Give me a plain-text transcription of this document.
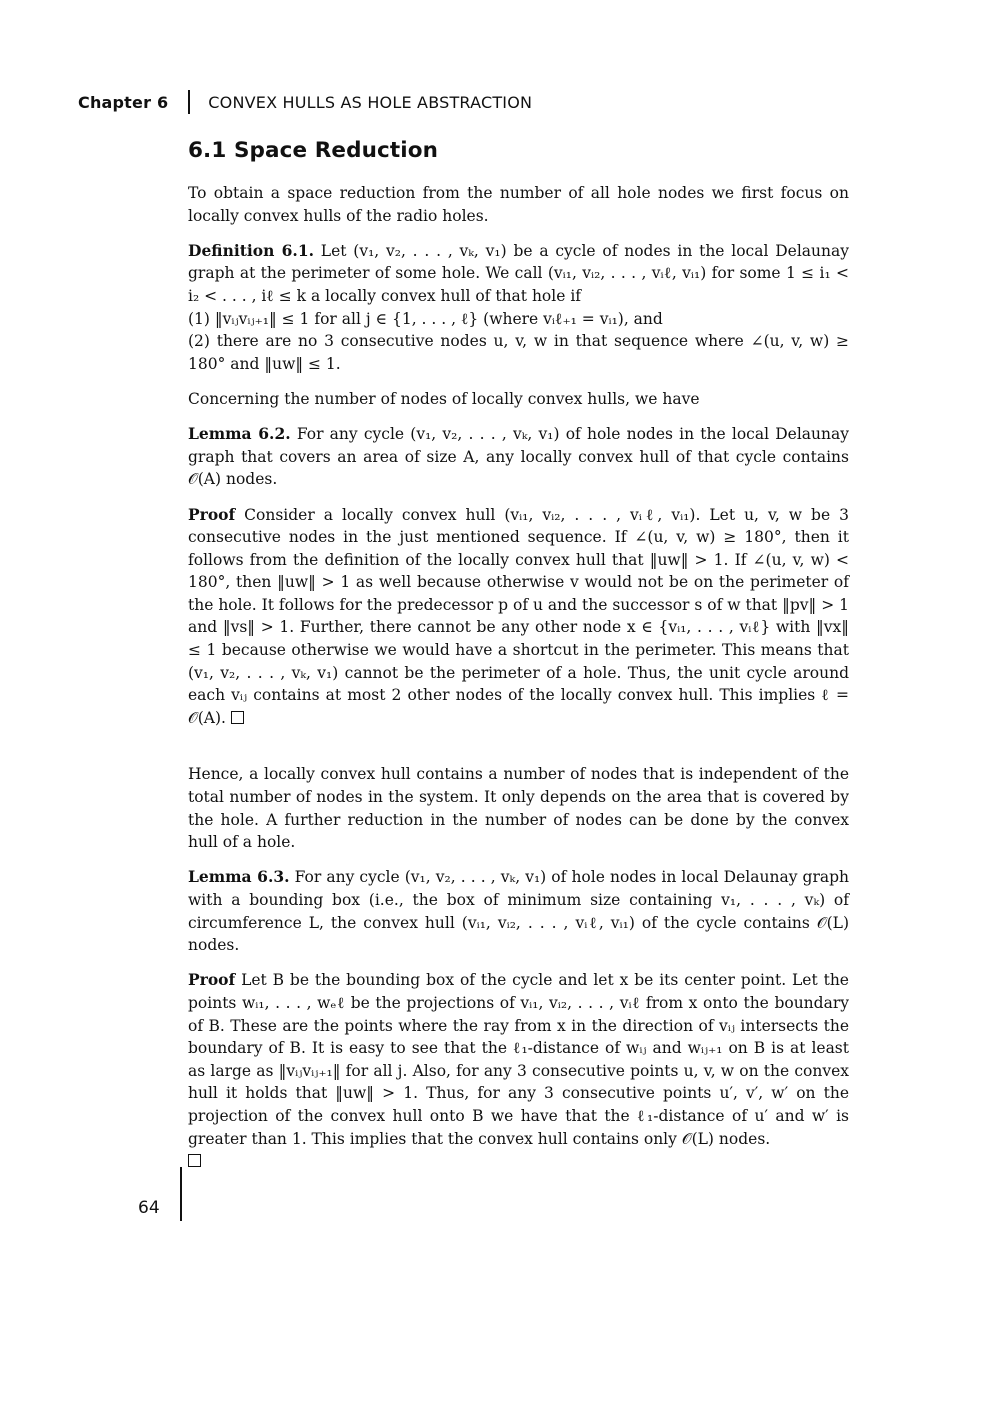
Chapter 6	CONVEX HULLS AS HOLE ABSTRACTION
6.1 Space Reduction

To obtain a space reduction from the number of all hole nodes we first focus on locally convex hulls of the radio holes.

Definition 6.1. Let (v₁, v₂, . . . , vₖ, v₁) be a cycle of nodes in the local Delaunay graph at the perimeter of some hole. We call (vᵢ₁, vᵢ₂, . . . , vᵢℓ, vᵢ₁) for some 1 ≤ i₁ < i₂ < . . . , iℓ ≤ k a locally convex hull of that hole if
(1) ‖vᵢⱼvᵢⱼ₊₁‖ ≤ 1 for all j ∈ {1, . . . , ℓ} (where vᵢℓ₊₁ = vᵢ₁), and
(2) there are no 3 consecutive nodes u, v, w in that sequence where ∠(u, v, w) ≥ 180° and ‖uw‖ ≤ 1.

Concerning the number of nodes of locally convex hulls, we have

Lemma 6.2. For any cycle (v₁, v₂, . . . , vₖ, v₁) of hole nodes in the local Delaunay graph that covers an area of size A, any locally convex hull of that cycle contains 𝒪(A) nodes.

Proof Consider a locally convex hull (vᵢ₁, vᵢ₂, . . . , vᵢℓ, vᵢ₁). Let u, v, w be 3 consecutive nodes in the just mentioned sequence. If ∠(u, v, w) ≥ 180°, then it follows from the definition of the locally convex hull that ‖uw‖ > 1. If ∠(u, v, w) < 180°, then ‖uw‖ > 1 as well because otherwise v would not be on the perimeter of the hole. It follows for the predecessor p of u and the successor s of w that ‖pv‖ > 1 and ‖vs‖ > 1. Further, there cannot be any other node x ∈ {vᵢ₁, . . . , vᵢℓ} with ‖vx‖ ≤ 1 because otherwise we would have a shortcut in the perimeter. This means that (v₁, v₂, . . . , vₖ, v₁) cannot be the perimeter of a hole. Thus, the unit cycle around each vᵢⱼ contains at most 2 other nodes of the locally convex hull. This implies ℓ = 𝒪(A).

Hence, a locally convex hull contains a number of nodes that is independent of the total number of nodes in the system. It only depends on the area that is covered by the hole. A further reduction in the number of nodes can be done by the convex hull of a hole.

Lemma 6.3. For any cycle (v₁, v₂, . . . , vₖ, v₁) of hole nodes in local Delaunay graph with a bounding box (i.e., the box of minimum size containing v₁, . . . , vₖ) of circumference L, the convex hull (vᵢ₁, vᵢ₂, . . . , vᵢℓ, vᵢ₁) of the cycle contains 𝒪(L) nodes.

Proof Let B be the bounding box of the cycle and let x be its center point. Let the points wᵢ₁, . . . , wₑℓ be the projections of vᵢ₁, vᵢ₂, . . . , vᵢℓ from x onto the boundary of B. These are the points where the ray from x in the direction of vᵢⱼ intersects the boundary of B. It is easy to see that the ℓ₁-distance of wᵢⱼ and wᵢⱼ₊₁ on B is at least as large as ‖vᵢⱼvᵢⱼ₊₁‖ for all j. Also, for any 3 consecutive points u, v, w on the convex hull it holds that ‖uw‖ > 1. Thus, for any 3 consecutive points u′, v′, w′ on the projection of the convex hull onto B we have that the ℓ₁-distance of u′ and w′ is greater than 1. This implies that the convex hull contains only 𝒪(L) nodes.

64
